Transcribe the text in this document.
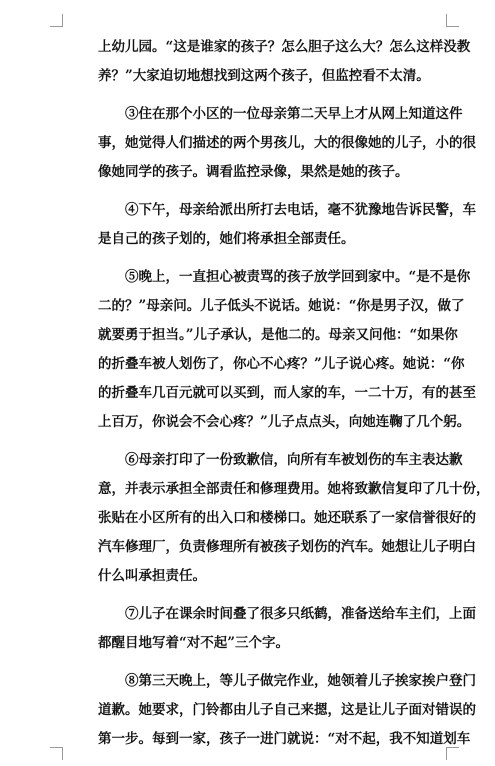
上幼儿园。“这是谁家的孩子？怎么胆子这么大？怎么这样没教
养？”大家迫切地想找到这两个孩子，但监控看不太清。
③住在那个小区的一位母亲第二天早上才从网上知道这件
事，她觉得人们描述的两个男孩儿，大的很像她的儿子，小的很
像她同学的孩子。调看监控录像，果然是她的孩子。
④下午，母亲给派出所打去电话，毫不犹豫地告诉民警，车
是自己的孩子划的，她们将承担全部责任。
⑤晚上，一直担心被责骂的孩子放学回到家中。“是不是你
二的？”母亲问。儿子低头不说话。她说：“你是男子汉，做了
就要勇于担当。”儿子承认，是他二的。母亲又问他：“如果你
的折叠车被人划伤了，你心不心疼？”儿子说心疼。她说：“你
的折叠车几百元就可以买到，而人家的车，一二十万，有的甚至
上百万，你说会不会心疼？”儿子点点头，向她连鞠了几个躬。
⑥母亲打印了一份致歉信，向所有车被划伤的车主表达歉
意，并表示承担全部责任和修理费用。她将致歉信复印了几十份，
张贴在小区所有的出入口和楼梯口。她还联系了一家信誉很好的
汽车修理厂，负责修理所有被孩子划伤的汽车。她想让儿子明白
什么叫承担责任。
⑦儿子在课余时间叠了很多只纸鹤，准备送给车主们，上面
都醒目地写着“对不起”三个字。
⑧第三天晚上，等儿子做完作业，她领着儿子挨家挨户登门
道歉。她要求，门铃都由儿子自己来摁，这是让儿子面对错误的
第一步。每到一家，孩子一进门就说：“对不起，我不知道划车
